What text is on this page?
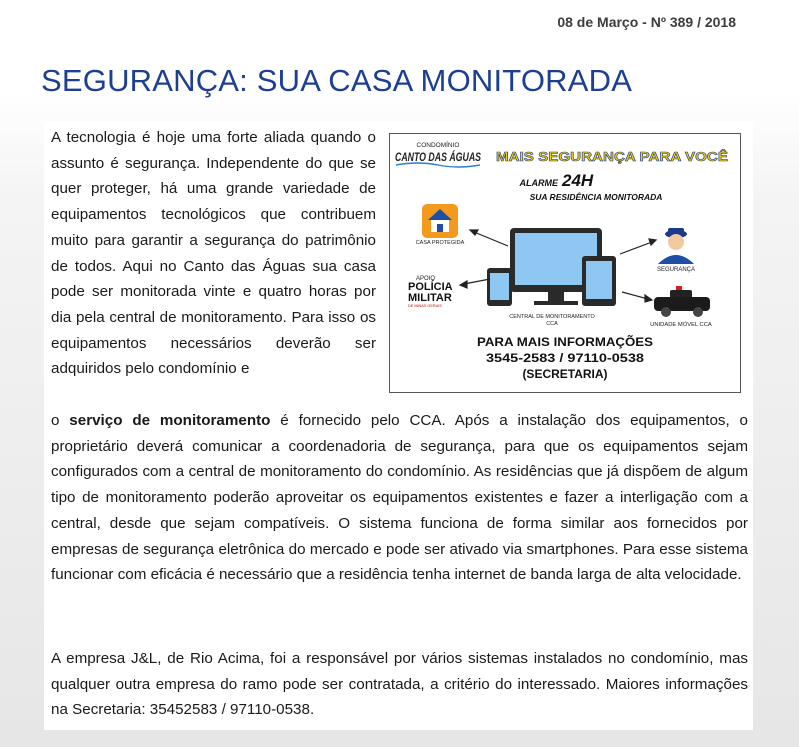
08 de Março - Nº 389 / 2018
SEGURANÇA: SUA CASA MONITORADA

A tecnologia é hoje uma forte aliada quando o assunto é segurança. Independente do que se quer proteger, há uma grande variedade de equipamentos tecnológicos que contribuem muito para garantir a segurança do patrimônio de todos. Aqui no Canto das Águas sua casa pode ser monitorada vinte e quatro horas por dia pela central de monitoramento. Para isso os equipamentos necessários deverão ser adquiridos pelo condomínio e

CONDOMÍNIO
CANTO DAS ÁGUAS
MAIS SEGURANÇA PARA VOCÊ
ALARME 24H
SUA RESIDÊNCIA MONITORADA
CASA PROTEGIDA
APOIO
POLÍCIA
MILITAR
DE MINAS GERAIS
CENTRAL DE MONITORAMENTO
CCA
SEGURANÇA
UNIDADE MÓVEL CCA
PARA MAIS INFORMAÇÕES
3545-2583 / 97110-0538
(SECRETARIA)

o serviço de monitoramento é fornecido pelo CCA. Após a instalação dos equipamentos, o proprietário deverá comunicar a coordenadoria de segurança, para que os equipamentos sejam configurados com a central de monitoramento do condomínio. As residências que já dispõem de algum tipo de monitoramento poderão aproveitar os equipamentos existentes e fazer a interligação com a central, desde que sejam compatíveis. O sistema funciona de forma similar aos fornecidos por empresas de segurança eletrônica do mercado e pode ser ativado via smartphones. Para esse sistema funcionar com eficácia é necessário que a residência tenha internet de banda larga de alta velocidade.

A empresa J&L, de Rio Acima, foi a responsável por vários sistemas instalados no condomínio, mas qualquer outra empresa do ramo pode ser contratada, a critério do interessado. Maiores informações na Secretaria: 35452583 / 97110-0538.
